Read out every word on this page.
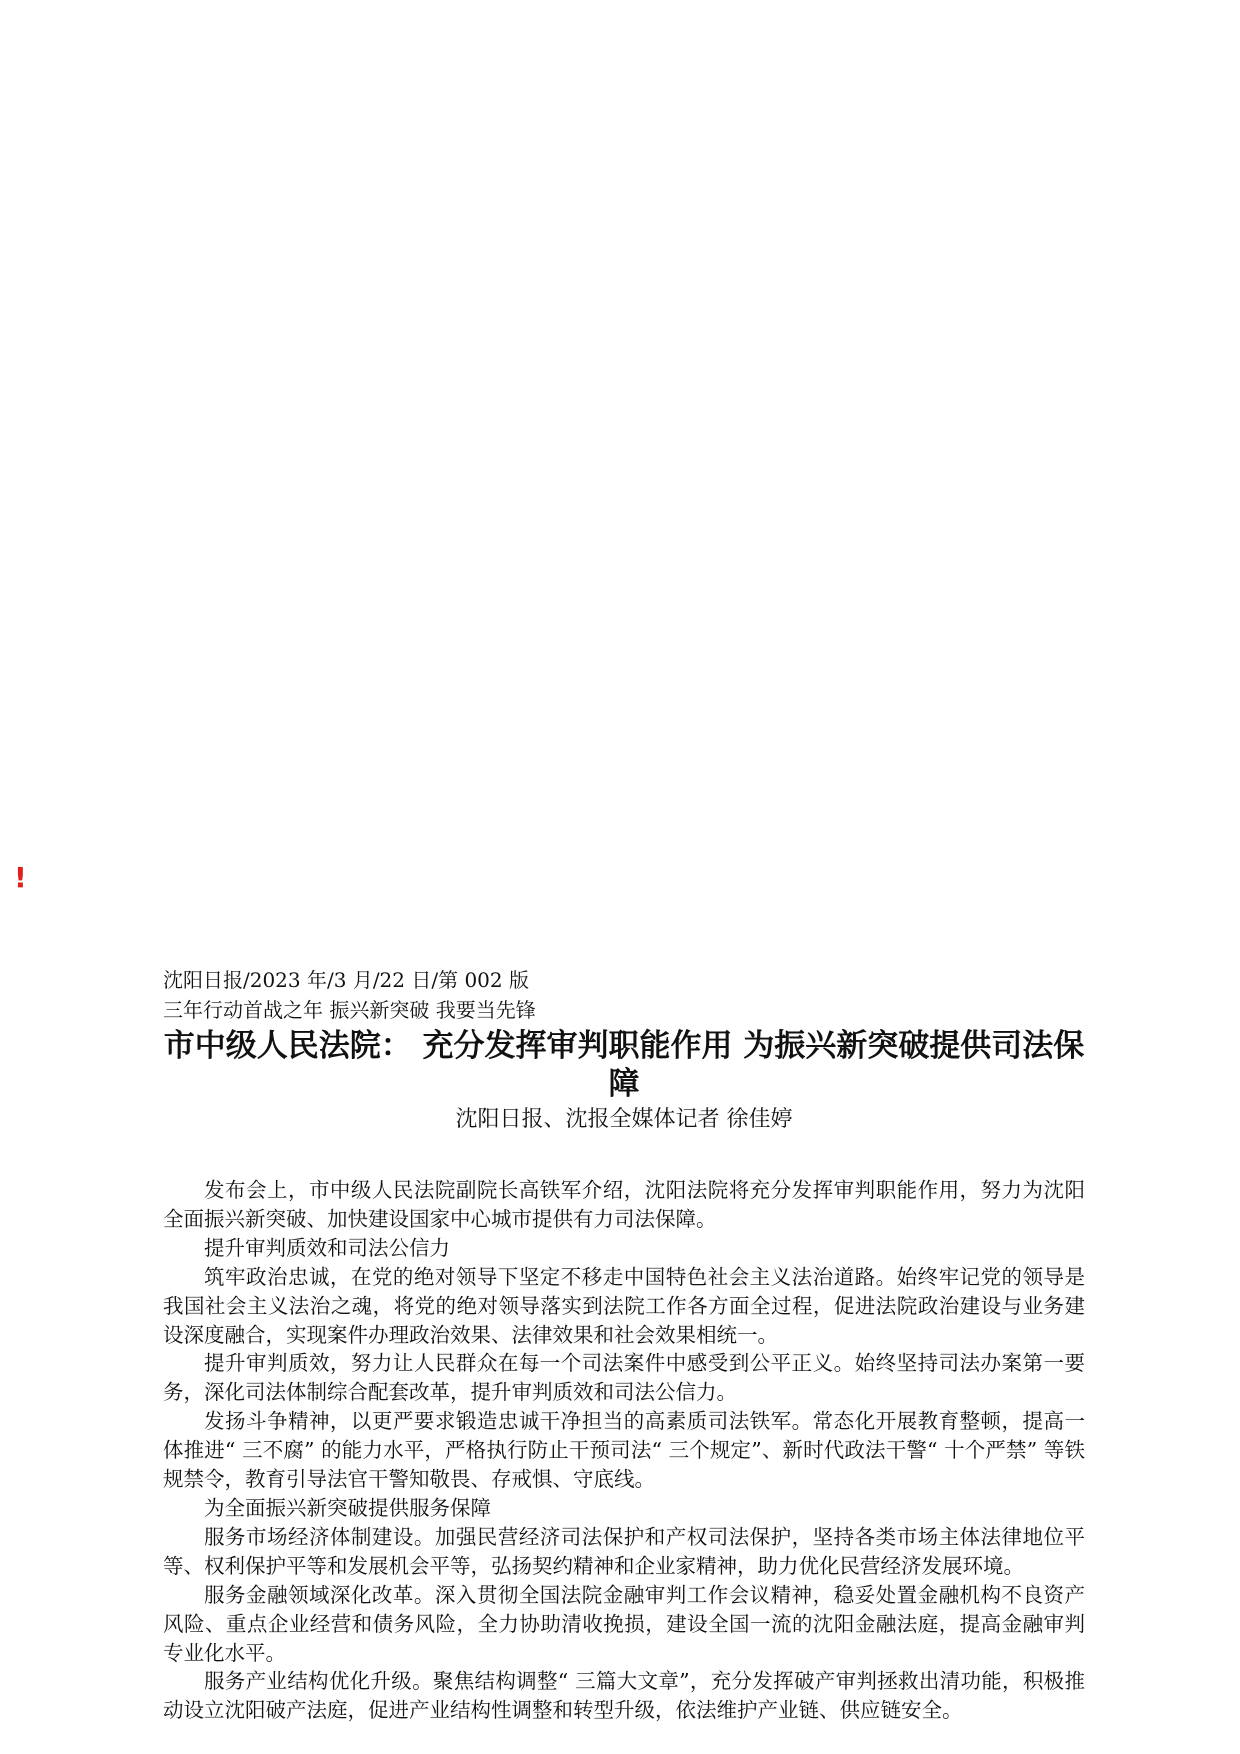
!
沈阳日报/2023 年/3 月/22 日/第 002 版
三年行动首战之年 振兴新突破 我要当先锋
市中级人民法院： 充分发挥审判职能作用 为振兴新突破提供司法保障
沈阳日报、沈报全媒体记者 徐佳婷

发布会上，市中级人民法院副院长高铁军介绍，沈阳法院将充分发挥审判职能作用，努力为沈阳全面振兴新突破、加快建设国家中心城市提供有力司法保障。

提升审判质效和司法公信力

筑牢政治忠诚，在党的绝对领导下坚定不移走中国特色社会主义法治道路。始终牢记党的领导是我国社会主义法治之魂，将党的绝对领导落实到法院工作各方面全过程，促进法院政治建设与业务建设深度融合，实现案件办理政治效果、法律效果和社会效果相统一。

提升审判质效，努力让人民群众在每一个司法案件中感受到公平正义。始终坚持司法办案第一要务，深化司法体制综合配套改革，提升审判质效和司法公信力。

发扬斗争精神，以更严要求锻造忠诚干净担当的高素质司法铁军。常态化开展教育整顿，提高一体推进“ 三不腐” 的能力水平，严格执行防止干预司法“ 三个规定”、新时代政法干警“ 十个严禁” 等铁规禁令，教育引导法官干警知敬畏、存戒惧、守底线。

为全面振兴新突破提供服务保障

服务市场经济体制建设。加强民营经济司法保护和产权司法保护，坚持各类市场主体法律地位平等、权利保护平等和发展机会平等，弘扬契约精神和企业家精神，助力优化民营经济发展环境。

服务金融领域深化改革。深入贯彻全国法院金融审判工作会议精神，稳妥处置金融机构不良资产风险、重点企业经营和债务风险，全力协助清收挽损，建设全国一流的沈阳金融法庭，提高金融审判专业化水平。

服务产业结构优化升级。聚焦结构调整“ 三篇大文章”，充分发挥破产审判拯救出清功能，积极推动设立沈阳破产法庭，促进产业结构性调整和转型升级，依法维护产业链、供应链安全。
